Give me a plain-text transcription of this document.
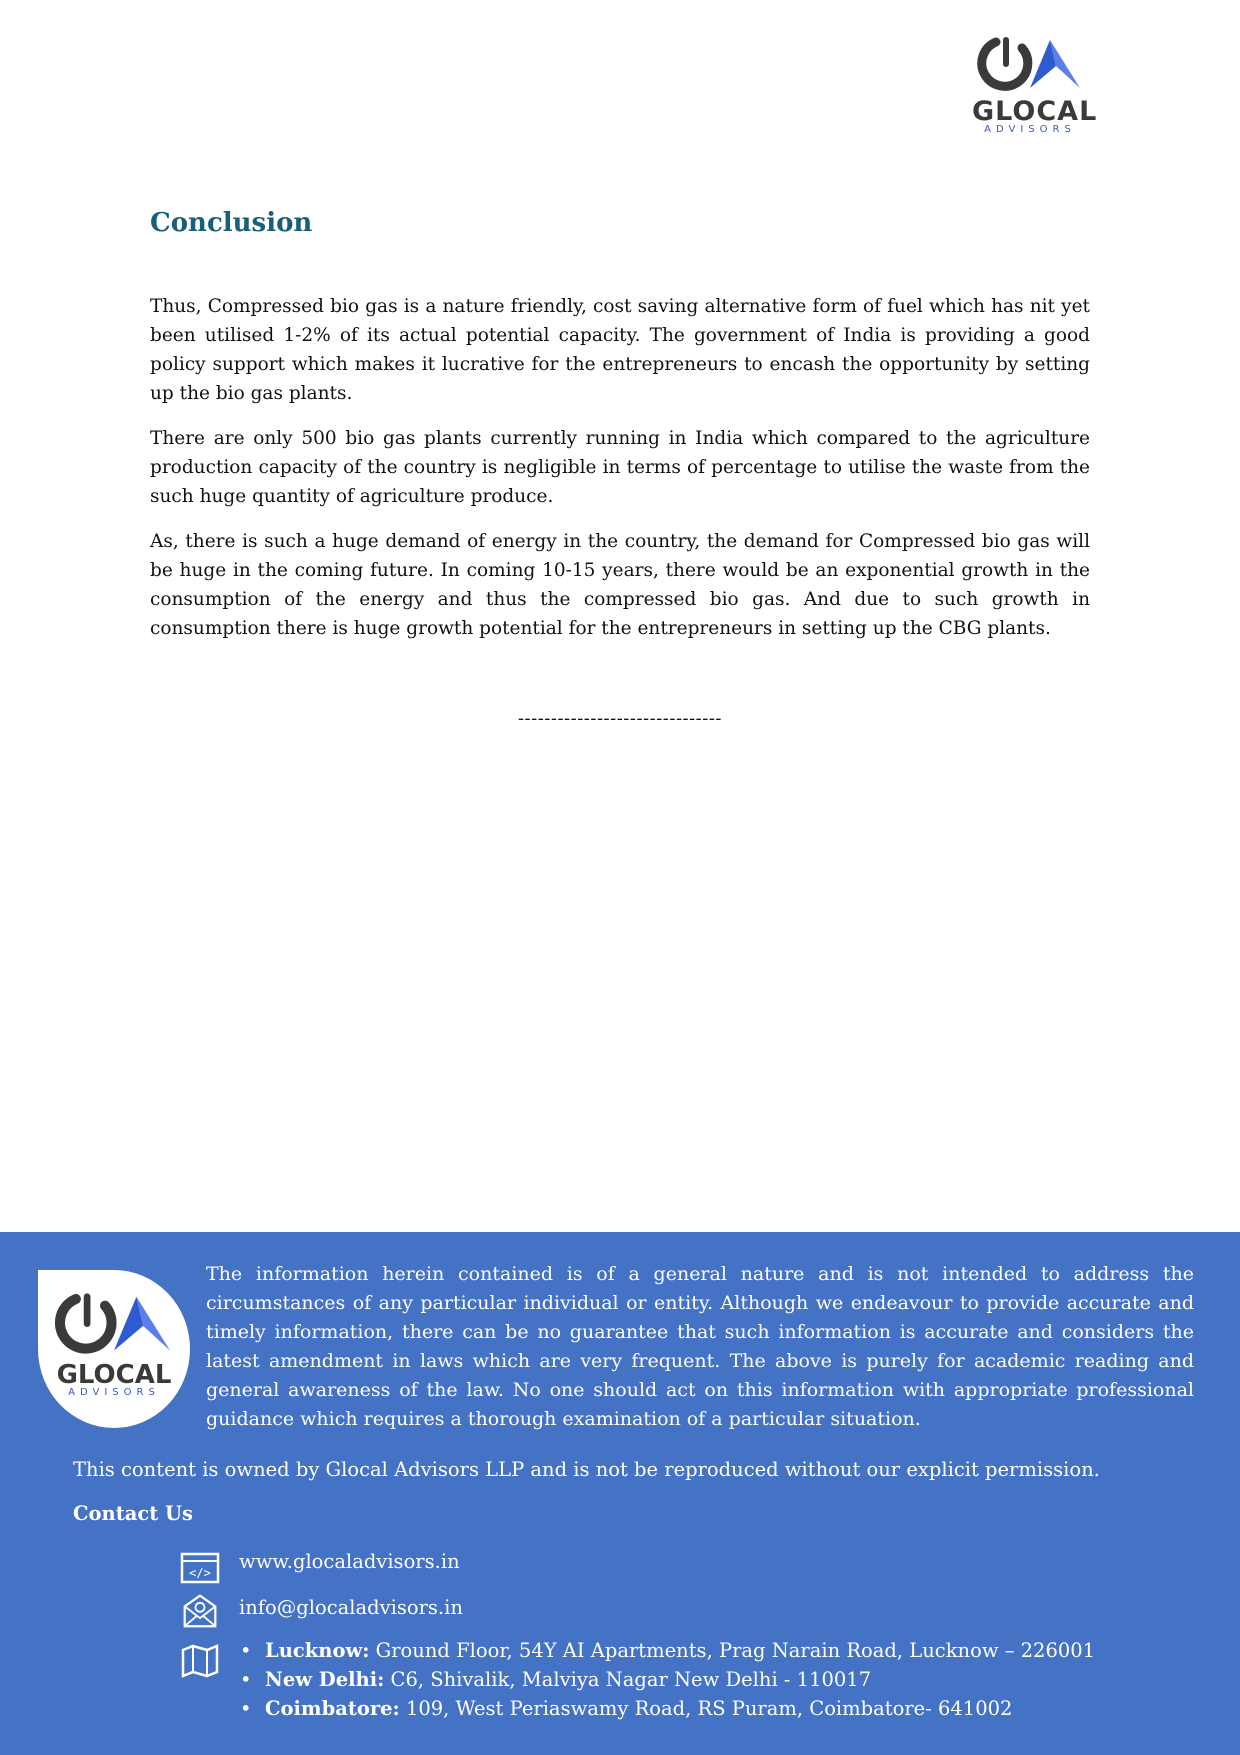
GLOCAL
ADVISORS
Conclusion

Thus, Compressed bio gas is a nature friendly, cost saving alternative form of fuel which has nit yet been utilised 1-2% of its actual potential capacity. The government of India is providing a good policy support which makes it lucrative for the entrepreneurs to encash the opportunity by setting up the bio gas plants.

There are only 500 bio gas plants currently running in India which compared to the agriculture production capacity of the country is negligible in terms of percentage to utilise the waste from the such huge quantity of agriculture produce.

As, there is such a huge demand of energy in the country, the demand for Compressed bio gas will be huge in the coming future. In coming 10-15 years, there would be an exponential growth in the consumption of the energy and thus the compressed bio gas. And due to such growth in consumption there is huge growth potential for the entrepreneurs in setting up the CBG plants.

-------------------------------
GLOCAL
ADVISORS

The information herein contained is of a general nature and is not intended to address the circumstances of any particular individual or entity. Although we endeavour to provide accurate and timely information, there can be no guarantee that such information is accurate and considers the latest amendment in laws which are very frequent. The above is purely for academic reading and general awareness of the law. No one should act on this information with appropriate professional guidance which requires a thorough examination of a particular situation.

This content is owned by Glocal Advisors LLP and is not be reproduced without our explicit permission.

Contact Us

</> www.glocaladvisors.in

info@glocaladvisors.in

• Lucknow: Ground Floor, 54Y AI Apartments, Prag Narain Road, Lucknow – 226001
• New Delhi: C6, Shivalik, Malviya Nagar New Delhi - 110017
• Coimbatore: 109, West Periaswamy Road, RS Puram, Coimbatore- 641002
